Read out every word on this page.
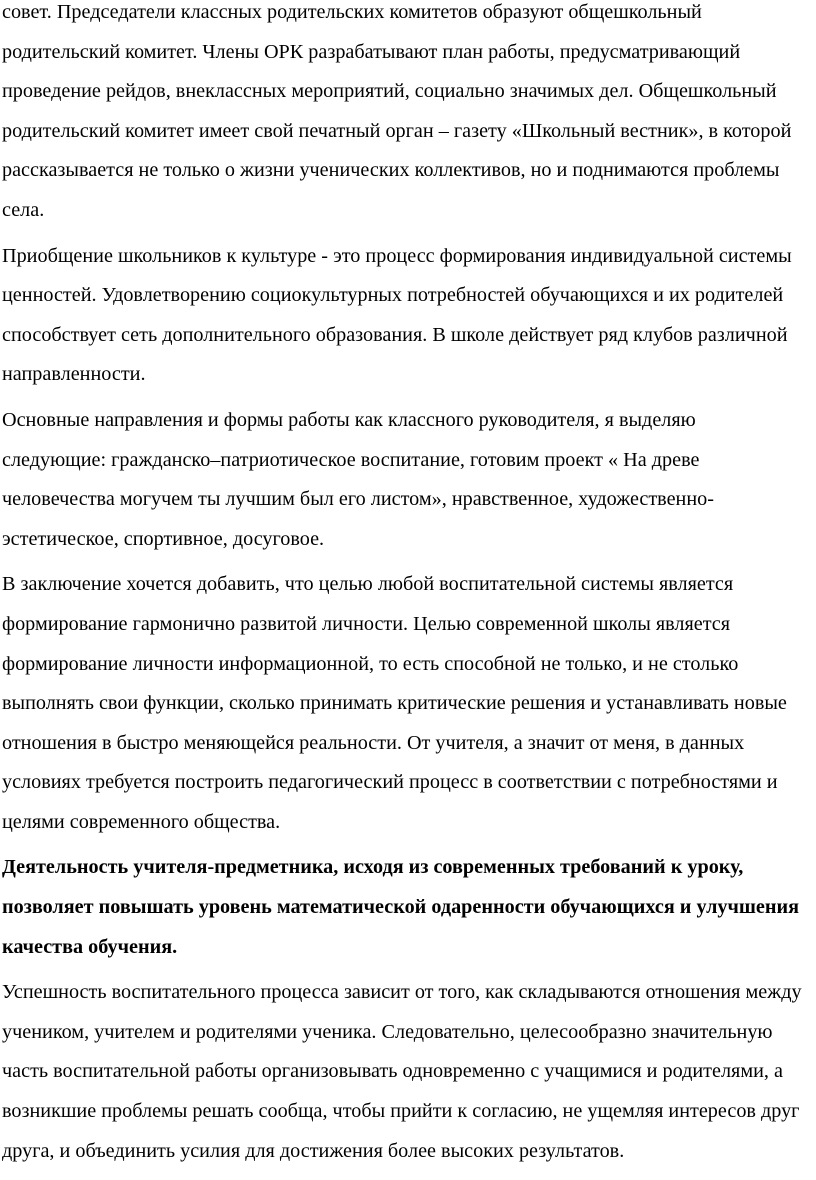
совет. Председатели классных родительских комитетов образуют общешкольный родительский комитет. Члены ОРК разрабатывают план работы, предусматривающий проведение рейдов, внеклассных мероприятий, социально значимых дел. Общешкольный родительский комитет имеет свой печатный орган – газету «Школьный вестник», в которой рассказывается не только о жизни ученических коллективов, но и поднимаются проблемы села.

Приобщение школьников к культуре - это процесс формирования индивидуальной системы ценностей. Удовлетворению социокультурных потребностей обучающихся и их родителей способствует сеть дополнительного образования. В школе действует ряд клубов различной направленности.

Основные направления и формы работы как классного руководителя, я выделяю следующие: гражданско–патриотическое воспитание, готовим проект « На древе человечества могучем ты лучшим был его листом», нравственное, художественно-эстетическое, спортивное, досуговое.

В заключение хочется добавить, что целью любой воспитательной системы является формирование гармонично развитой личности. Целью современной школы является формирование личности информационной, то есть способной не только, и не столько выполнять свои функции, сколько принимать критические решения и устанавливать новые отношения в быстро меняющейся реальности. От учителя, а значит от меня, в данных условиях требуется построить педагогический процесс в соответствии с потребностями и целями современного общества.

Деятельность учителя-предметника, исходя из современных требований к уроку, позволяет повышать уровень математической одаренности обучающихся и улучшения качества обучения.

Успешность воспитательного процесса зависит от того, как складываются отношения между учеником, учителем и родителями ученика. Следовательно, целесообразно значительную часть воспитательной работы организовывать одновременно с учащимися и родителями, а возникшие проблемы решать сообща, чтобы прийти к согласию, не ущемляя интересов друг друга, и объединить усилия для достижения более высоких результатов.
